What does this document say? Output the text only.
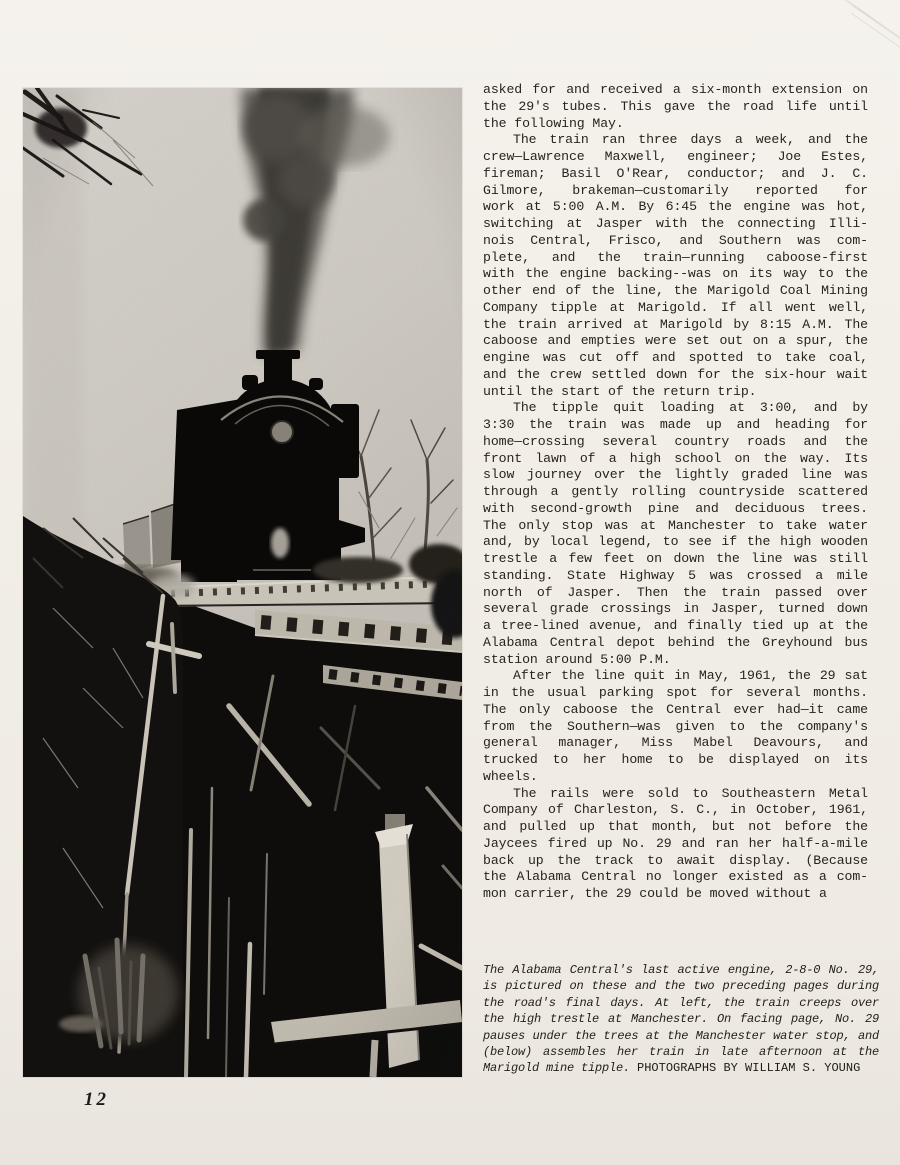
asked for and received a six-month extension on
the 29's tubes. This gave the road life until
the following May.
The train ran three days a week, and the
crew—Lawrence Maxwell, engineer; Joe Estes,
fireman; Basil O'Rear, conductor; and J. C.
Gilmore, brakeman—customarily reported for
work at 5:00 A.M. By 6:45 the engine was hot,
switching at Jasper with the connecting Illi-
nois Central, Frisco, and Southern was com-
plete, and the train—running caboose-first
with the engine backing--was on its way to the
other end of the line, the Marigold Coal Mining
Company tipple at Marigold. If all went well,
the train arrived at Marigold by 8:15 A.M. The
caboose and empties were set out on a spur, the
engine was cut off and spotted to take coal,
and the crew settled down for the six-hour wait
until the start of the return trip.
The tipple quit loading at 3:00, and by
3:30 the train was made up and heading for
home—crossing several country roads and the
front lawn of a high school on the way. Its
slow journey over the lightly graded line was
through a gently rolling countryside scattered
with second-growth pine and deciduous trees.
The only stop was at Manchester to take water
and, by local legend, to see if the high wooden
trestle a few feet on down the line was still
standing. State Highway 5 was crossed a mile
north of Jasper. Then the train passed over
several grade crossings in Jasper, turned down
a tree-lined avenue, and finally tied up at the
Alabama Central depot behind the Greyhound bus
station around 5:00 P.M.
After the line quit in May, 1961, the 29 sat
in the usual parking spot for several months.
The only caboose the Central ever had—it came
from the Southern—was given to the company's
general manager, Miss Mabel Deavours, and
trucked to her home to be displayed on its
wheels.
The rails were sold to Southeastern Metal
Company of Charleston, S. C., in October, 1961,
and pulled up that month, but not before the
Jaycees fired up No. 29 and ran her half-a-mile
back up the track to await display. (Because
the Alabama Central no longer existed as a com-
mon carrier, the 29 could be moved without a
The Alabama Central's last active engine, 2-8-0 No. 29,
is pictured on these and the two preceding pages during
the road's final days. At left, the train creeps over
the high trestle at Manchester. On facing page, No. 29
pauses under the trees at the Manchester water stop, and
(below) assembles her train in late afternoon at the
Marigold mine tipple. PHOTOGRAPHS BY WILLIAM S. YOUNG
12
